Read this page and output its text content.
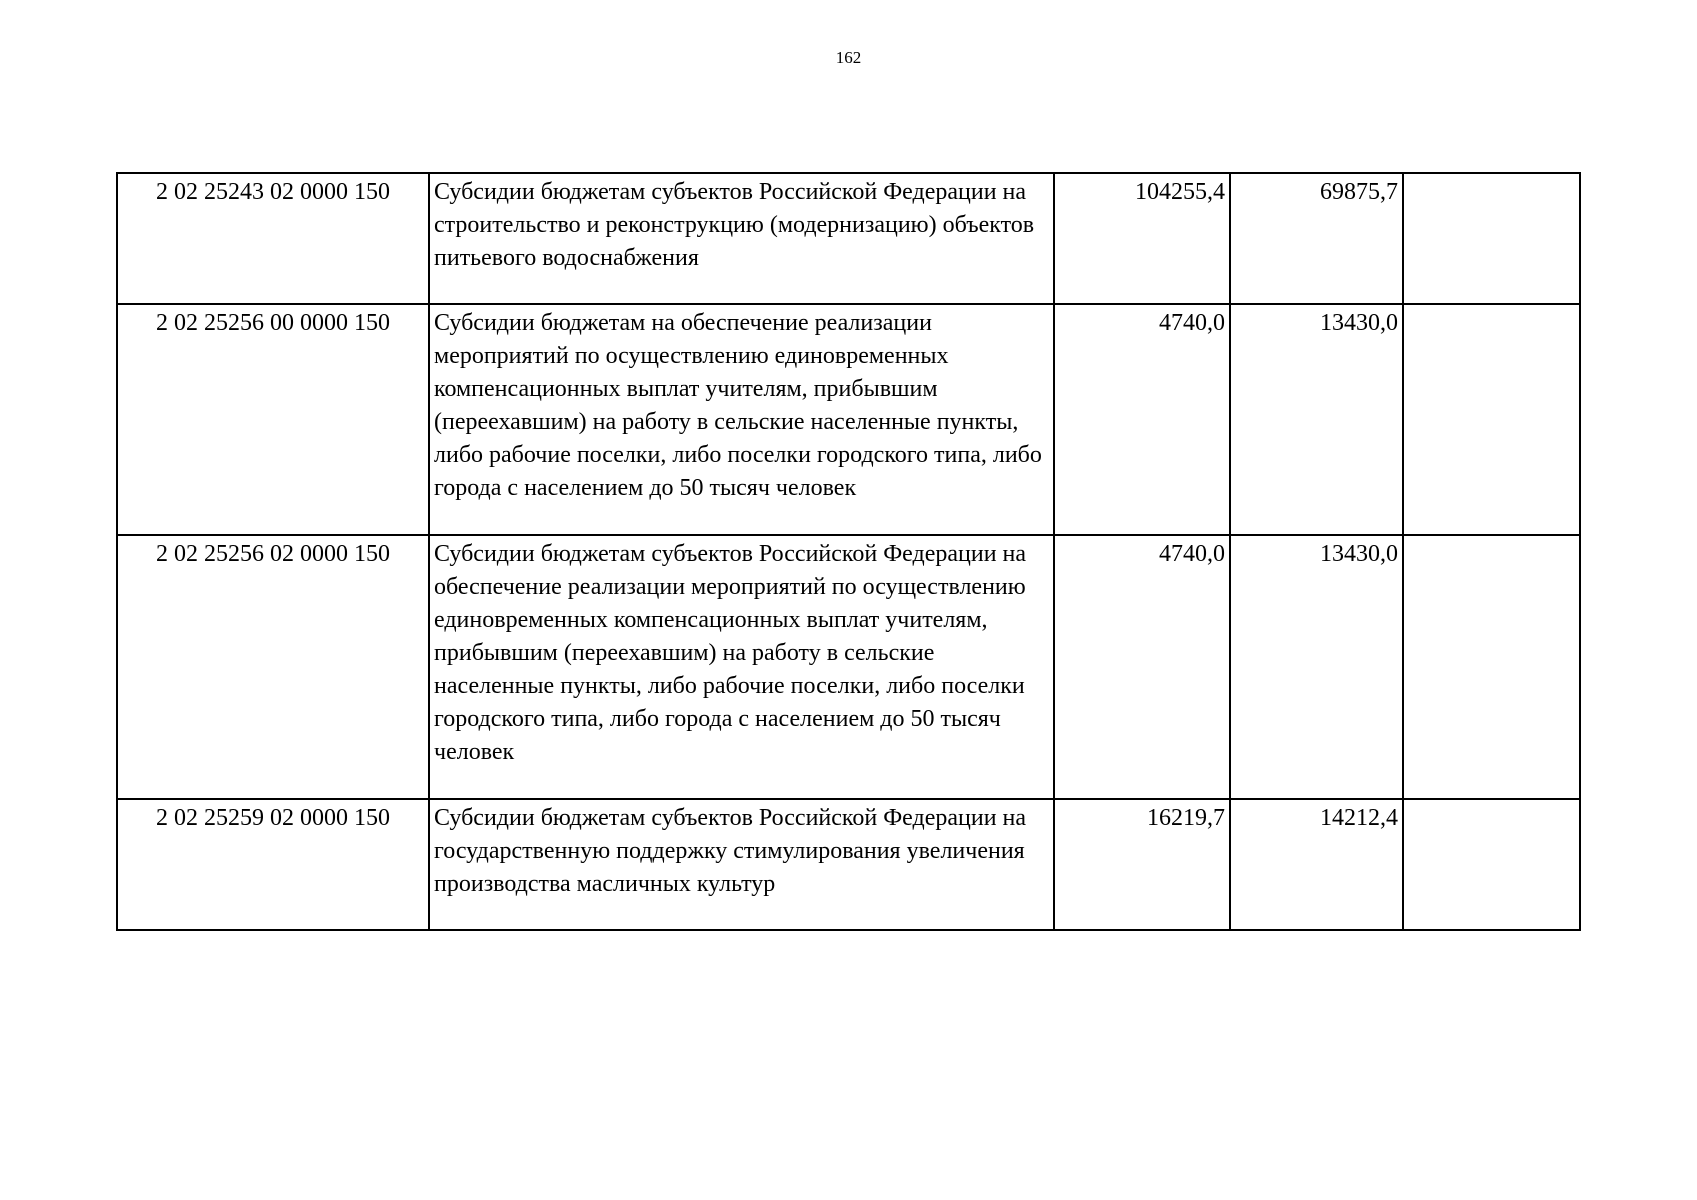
162
2 02 25243 02 0000 150	Субсидии бюджетам субъектов Российской Федерации на строительство и реконструкцию (модернизацию) объектов питьевого водоснабжения	104255,4	69875,7	
2 02 25256 00 0000 150	Субсидии бюджетам на обеспечение реализации мероприятий по осуществлению единовременных компенсационных выплат учителям, прибывшим (переехавшим) на работу в сельские населенные пункты, либо рабочие поселки, либо поселки городского типа, либо города с населением до 50 тысяч человек	4740,0	13430,0	
2 02 25256 02 0000 150	Субсидии бюджетам субъектов Российской Федерации на обеспечение реализации мероприятий по осуществлению единовременных компенсационных выплат учителям, прибывшим (переехавшим) на работу в сельские населенные пункты, либо рабочие поселки, либо поселки городского типа, либо города с населением до 50 тысяч человек	4740,0	13430,0	
2 02 25259 02 0000 150	Субсидии бюджетам субъектов Российской Федерации на государственную поддержку стимулирования увеличения производства масличных культур	16219,7	14212,4	
